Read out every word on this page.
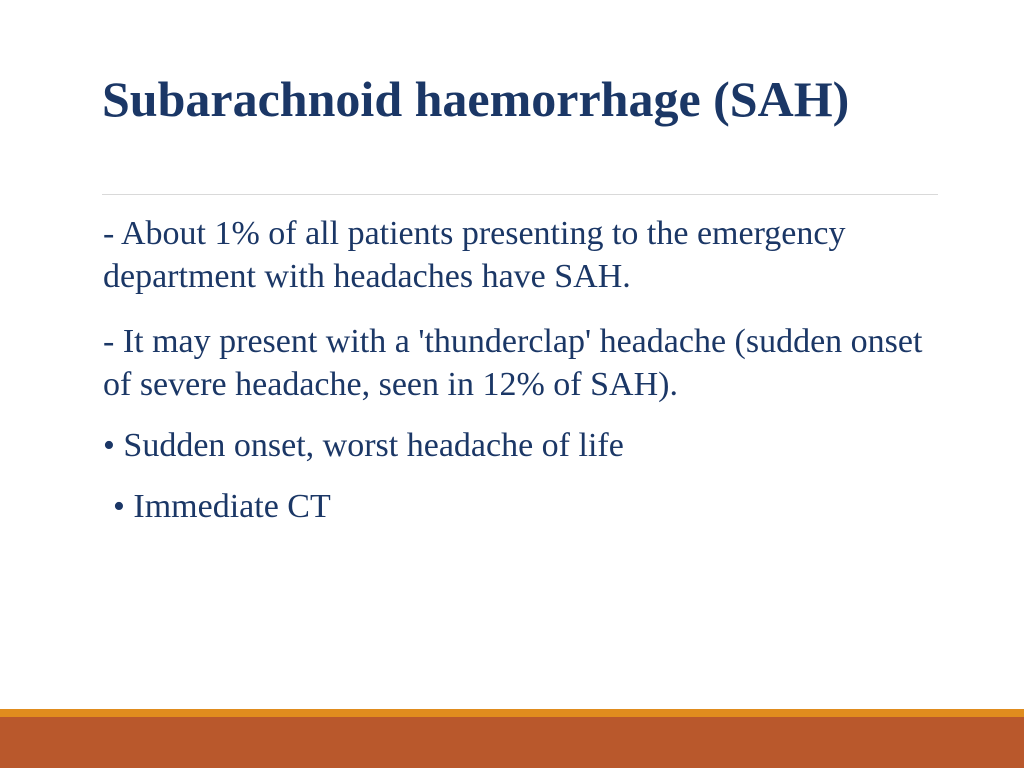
Subarachnoid haemorrhage (SAH)

- About 1% of all patients presenting to the emergency department with headaches have SAH.

- It may present with a 'thunderclap' headache (sudden onset of severe headache, seen in 12% of SAH).

• Sudden onset, worst headache of life

• Immediate CT
